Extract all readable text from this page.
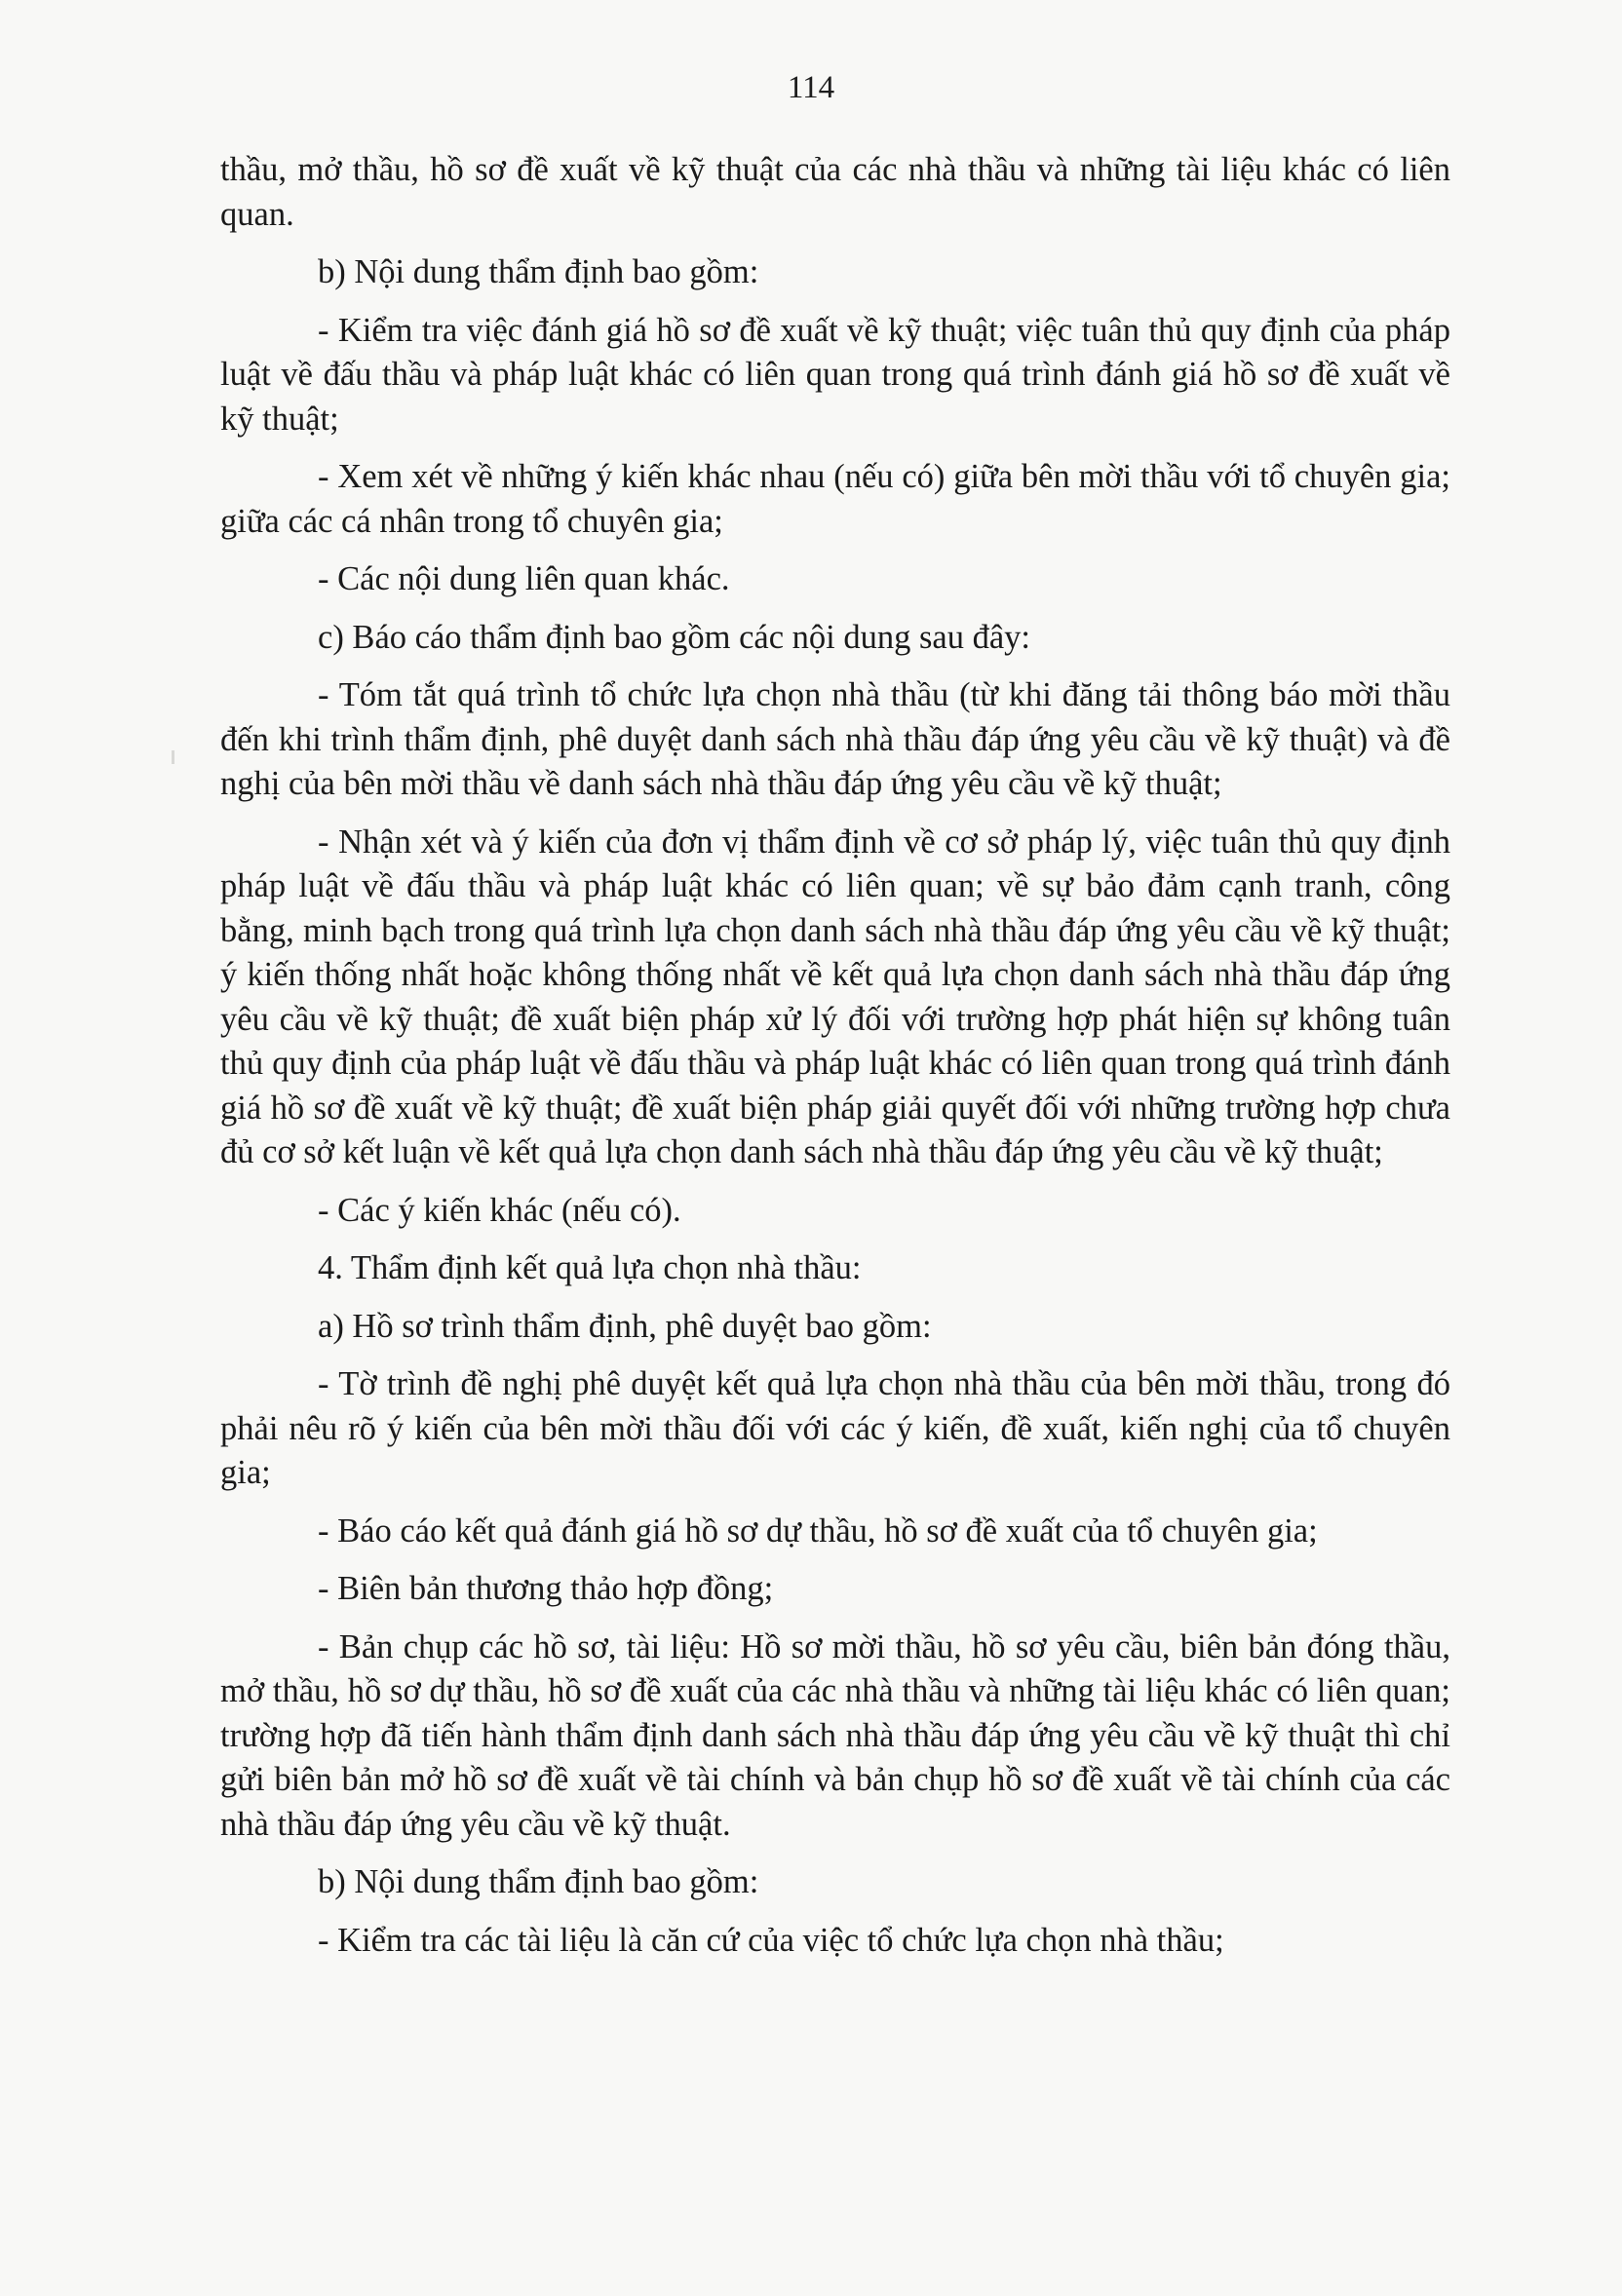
114

thầu, mở thầu, hồ sơ đề xuất về kỹ thuật của các nhà thầu và những tài liệu khác có liên quan.

b) Nội dung thẩm định bao gồm:

- Kiểm tra việc đánh giá hồ sơ đề xuất về kỹ thuật; việc tuân thủ quy định của pháp luật về đấu thầu và pháp luật khác có liên quan trong quá trình đánh giá hồ sơ đề xuất về kỹ thuật;

- Xem xét về những ý kiến khác nhau (nếu có) giữa bên mời thầu với tổ chuyên gia; giữa các cá nhân trong tổ chuyên gia;

- Các nội dung liên quan khác.

c) Báo cáo thẩm định bao gồm các nội dung sau đây:

- Tóm tắt quá trình tổ chức lựa chọn nhà thầu (từ khi đăng tải thông báo mời thầu đến khi trình thẩm định, phê duyệt danh sách nhà thầu đáp ứng yêu cầu về kỹ thuật) và đề nghị của bên mời thầu về danh sách nhà thầu đáp ứng yêu cầu về kỹ thuật;

- Nhận xét và ý kiến của đơn vị thẩm định về cơ sở pháp lý, việc tuân thủ quy định pháp luật về đấu thầu và pháp luật khác có liên quan; về sự bảo đảm cạnh tranh, công bằng, minh bạch trong quá trình lựa chọn danh sách nhà thầu đáp ứng yêu cầu về kỹ thuật; ý kiến thống nhất hoặc không thống nhất về kết quả lựa chọn danh sách nhà thầu đáp ứng yêu cầu về kỹ thuật; đề xuất biện pháp xử lý đối với trường hợp phát hiện sự không tuân thủ quy định của pháp luật về đấu thầu và pháp luật khác có liên quan trong quá trình đánh giá hồ sơ đề xuất về kỹ thuật; đề xuất biện pháp giải quyết đối với những trường hợp chưa đủ cơ sở kết luận về kết quả lựa chọn danh sách nhà thầu đáp ứng yêu cầu về kỹ thuật;

- Các ý kiến khác (nếu có).

4. Thẩm định kết quả lựa chọn nhà thầu:

a) Hồ sơ trình thẩm định, phê duyệt bao gồm:

- Tờ trình đề nghị phê duyệt kết quả lựa chọn nhà thầu của bên mời thầu, trong đó phải nêu rõ ý kiến của bên mời thầu đối với các ý kiến, đề xuất, kiến nghị của tổ chuyên gia;

- Báo cáo kết quả đánh giá hồ sơ dự thầu, hồ sơ đề xuất của tổ chuyên gia;

- Biên bản thương thảo hợp đồng;

- Bản chụp các hồ sơ, tài liệu: Hồ sơ mời thầu, hồ sơ yêu cầu, biên bản đóng thầu, mở thầu, hồ sơ dự thầu, hồ sơ đề xuất của các nhà thầu và những tài liệu khác có liên quan; trường hợp đã tiến hành thẩm định danh sách nhà thầu đáp ứng yêu cầu về kỹ thuật thì chỉ gửi biên bản mở hồ sơ đề xuất về tài chính và bản chụp hồ sơ đề xuất về tài chính của các nhà thầu đáp ứng yêu cầu về kỹ thuật.

b) Nội dung thẩm định bao gồm:

- Kiểm tra các tài liệu là căn cứ của việc tổ chức lựa chọn nhà thầu;
